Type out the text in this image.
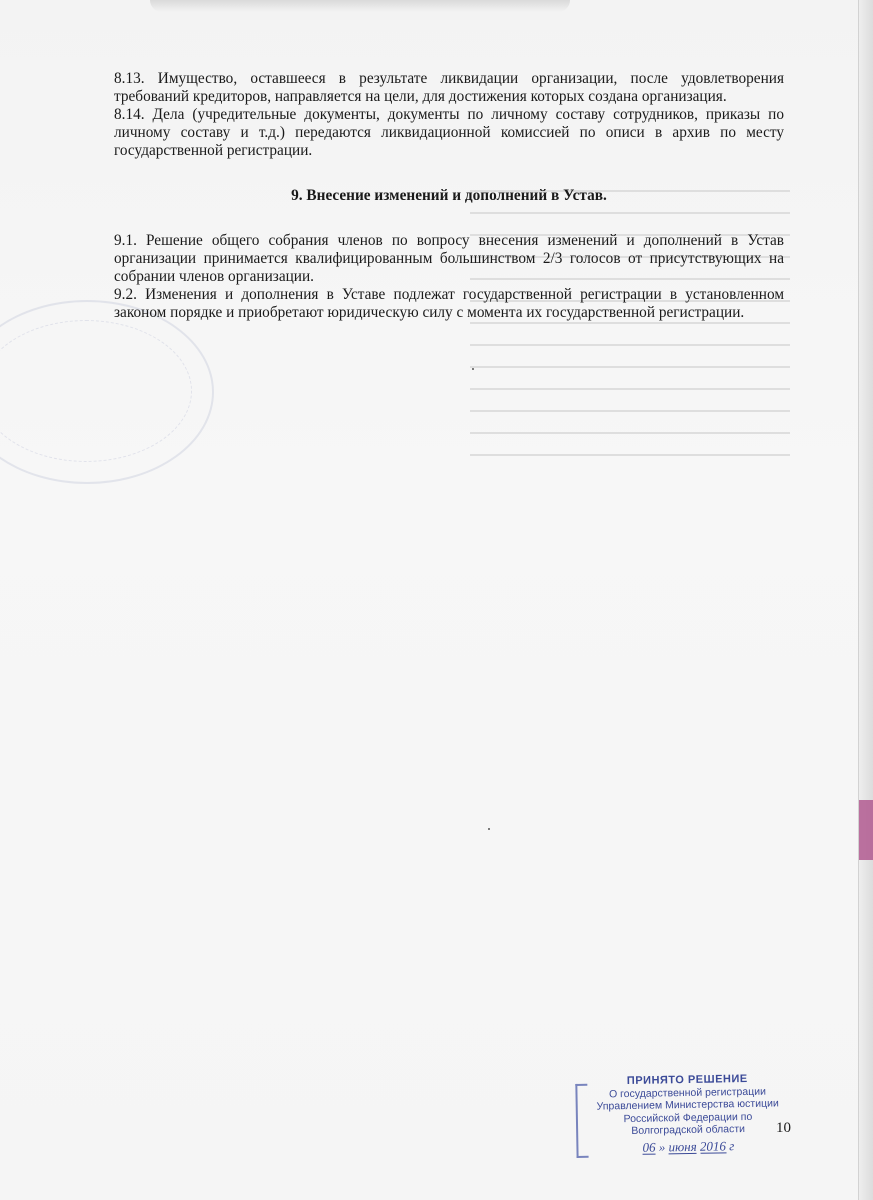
8.13. Имущество, оставшееся в результате ликвидации организации, после удовлетворения требований кредиторов, направляется на цели, для достижения которых создана организация.

8.14. Дела (учредительные документы, документы по личному составу сотрудников, приказы по личному составу и т.д.) передаются ликвидационной комиссией по описи в архив по месту государственной регистрации.

9. Внесение изменений и дополнений в Устав.

9.1. Решение общего собрания членов по вопросу внесения изменений и дополнений в Устав организации принимается квалифицированным большинством 2/3 голосов от присутствующих на собрании членов организации.

9.2. Изменения и дополнения в Уставе подлежат государственной регистрации в установленном законом порядке и приобретают юридическую силу с момента их государственной регистрации.

ПРИНЯТО РЕШЕНИЕ
О государственной регистрации
Управлением Министерства юстиции
Российской Федерации по
Волгоградской области
06 » июня 2016 г
10
